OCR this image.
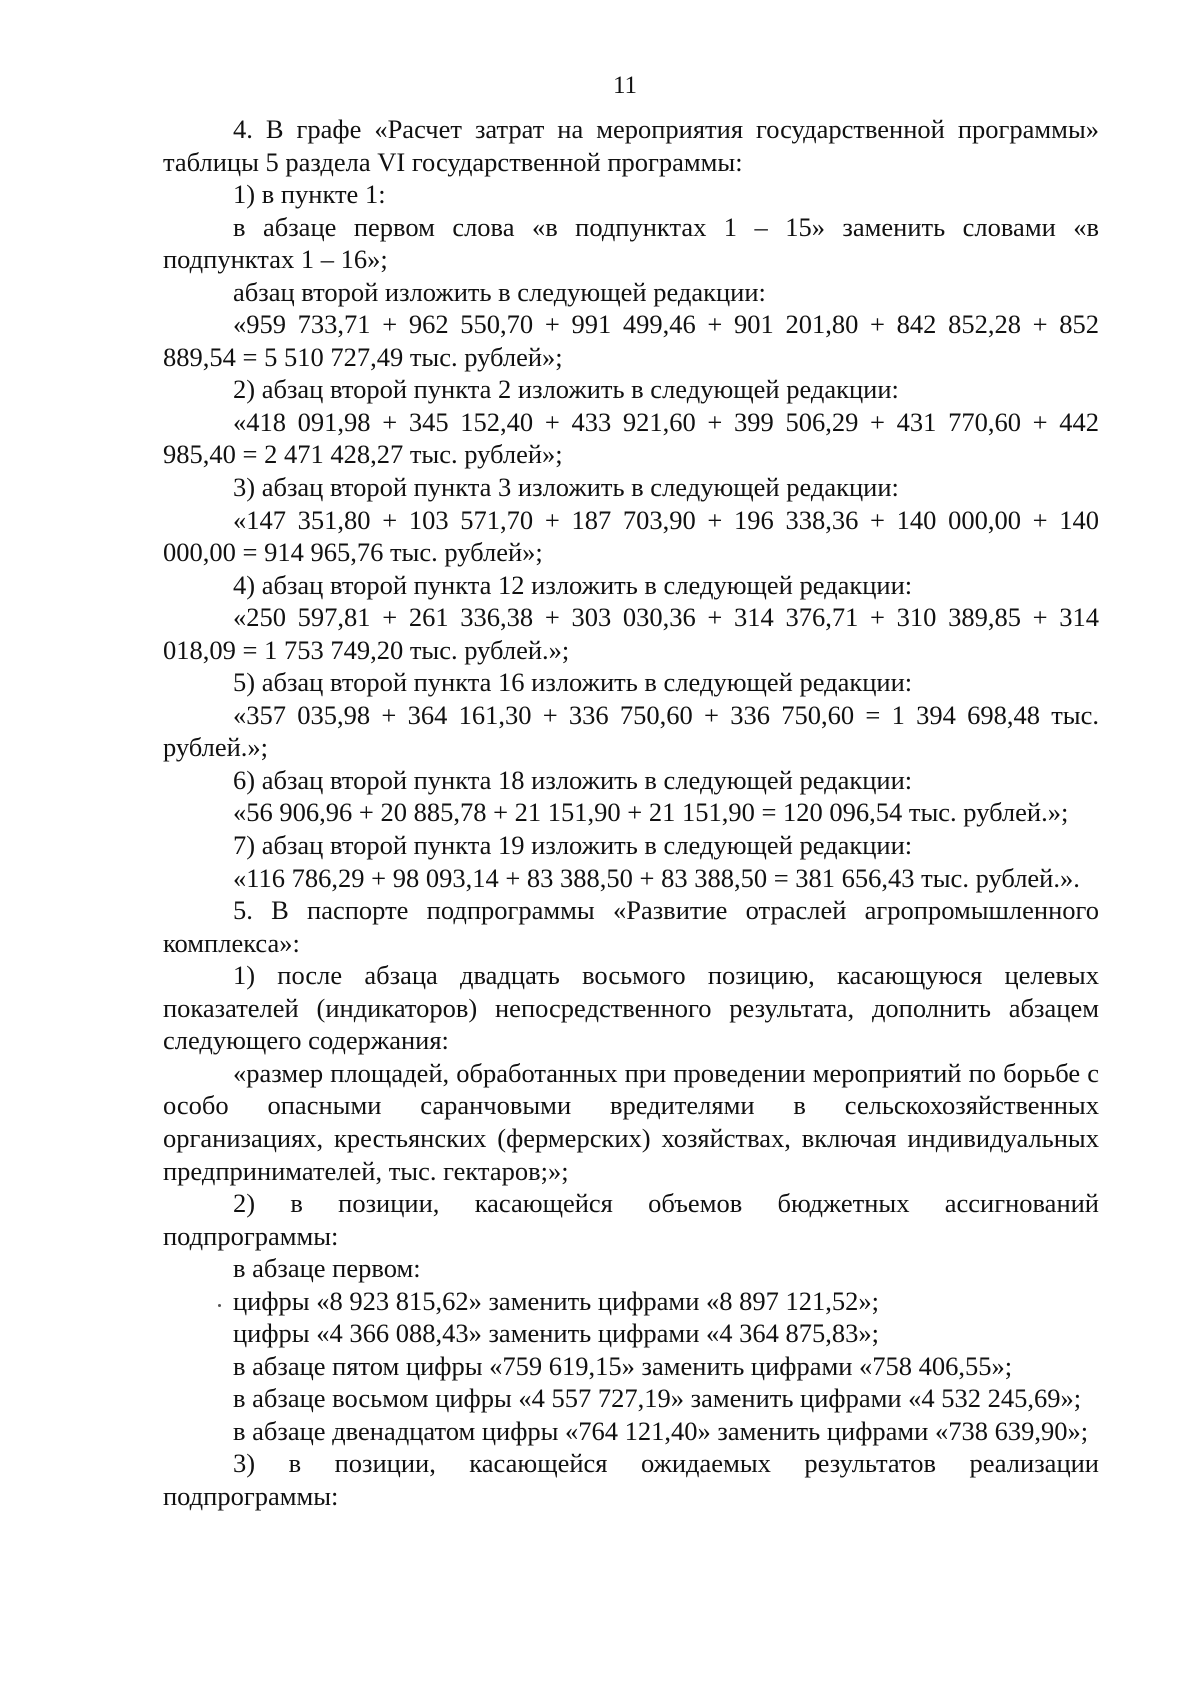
11

4. В графе «Расчет затрат на мероприятия государственной программы» таблицы 5 раздела VI государственной программы:

1) в пункте 1:

в абзаце первом слова «в подпунктах 1 – 15» заменить словами «в подпунктах 1 – 16»;

абзац второй изложить в следующей редакции:

«959 733,71 + 962 550,70 + 991 499,46 + 901 201,80 + 842 852,28 + 852 889,54 = 5 510 727,49 тыс. рублей»;

2) абзац второй пункта 2 изложить в следующей редакции:

«418 091,98 + 345 152,40 + 433 921,60 + 399 506,29 + 431 770,60 + 442 985,40 = 2 471 428,27 тыс. рублей»;

3) абзац второй пункта 3 изложить в следующей редакции:

«147 351,80 + 103 571,70 + 187 703,90 + 196 338,36 + 140 000,00 + 140 000,00 = 914 965,76 тыс. рублей»;

4) абзац второй пункта 12 изложить в следующей редакции:

«250 597,81 + 261 336,38 + 303 030,36 + 314 376,71 + 310 389,85 + 314 018,09 = 1 753 749,20 тыс. рублей.»;

5) абзац второй пункта 16 изложить в следующей редакции:

«357 035,98 + 364 161,30 + 336 750,60 + 336 750,60 = 1 394 698,48 тыс. рублей.»;

6) абзац второй пункта 18 изложить в следующей редакции:

«56 906,96 + 20 885,78 + 21 151,90 + 21 151,90 = 120 096,54 тыс. рублей.»;

7) абзац второй пункта 19 изложить в следующей редакции:

«116 786,29 + 98 093,14 + 83 388,50 + 83 388,50 = 381 656,43 тыс. рублей.».

5. В паспорте подпрограммы «Развитие отраслей агропромышленного комплекса»:

1) после абзаца двадцать восьмого позицию, касающуюся целевых показателей (индикаторов) непосредственного результата, дополнить абзацем следующего содержания:

«размер площадей, обработанных при проведении мероприятий по борьбе с особо опасными саранчовыми вредителями в сельскохозяйственных организациях, крестьянских (фермерских) хозяйствах, включая индивидуальных предпринимателей, тыс. гектаров;»;

2) в позиции, касающейся объемов бюджетных ассигнований подпрограммы:

в абзаце первом:

цифры «8 923 815,62» заменить цифрами «8 897 121,52»;

цифры «4 366 088,43» заменить цифрами «4 364 875,83»;

в абзаце пятом цифры «759 619,15» заменить цифрами «758 406,55»;

в абзаце восьмом цифры «4 557 727,19» заменить цифрами «4 532 245,69»;

в абзаце двенадцатом цифры «764 121,40» заменить цифрами «738 639,90»;

3) в позиции, касающейся ожидаемых результатов реализации подпрограммы:
